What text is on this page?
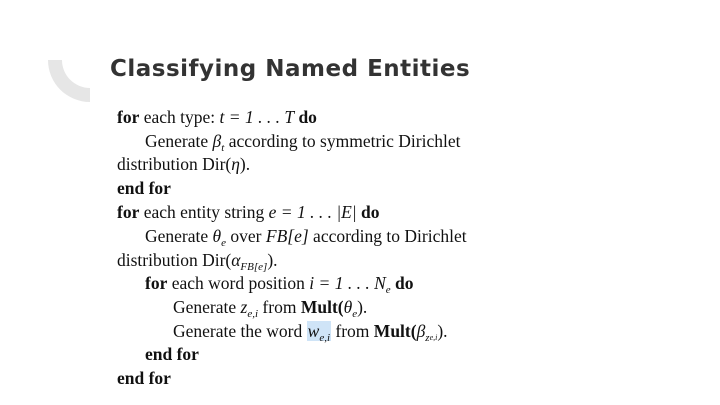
Classifying Named Entities
for each type: t = 1 . . . T do
Generate $\beta_t$ according to symmetric Dirichlet
distribution Dir(η).
end for
for each entity string e = 1 . . . |E| do
Generate $\theta_e$ over FB[e] according to Dirichlet
distribution $Dir(\alpha_{FB[e]})$.
for each word position i = 1 . . . $N_e$ do
Generate $z_{e,i}$ from $Mult(\theta_e)$.
Generate the word $w_{e,i}$ from $Mult(\beta_ze,i)$.
end for
end for
